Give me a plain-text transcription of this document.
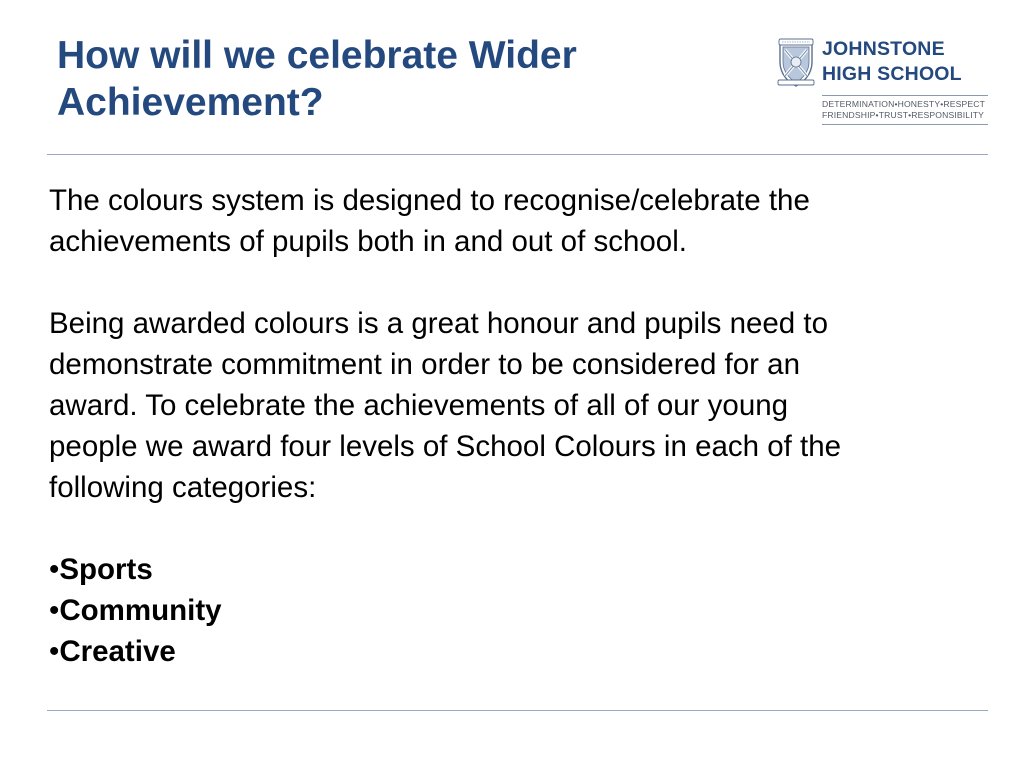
How will we celebrate Wider
Achievement?
JOHNSTONE
HIGH SCHOOL
DETERMINATION•HONESTY•RESPECT
FRIENDSHIP•TRUST•RESPONSIBILITY

The colours system is designed to recognise/celebrate the
achievements of pupils both in and out of school.

Being awarded colours is a great honour and pupils need to
demonstrate commitment in order to be considered for an
award. To celebrate the achievements of all of our young
people we award four levels of School Colours in each of the
following categories:

•Sports
•Community
•Creative
